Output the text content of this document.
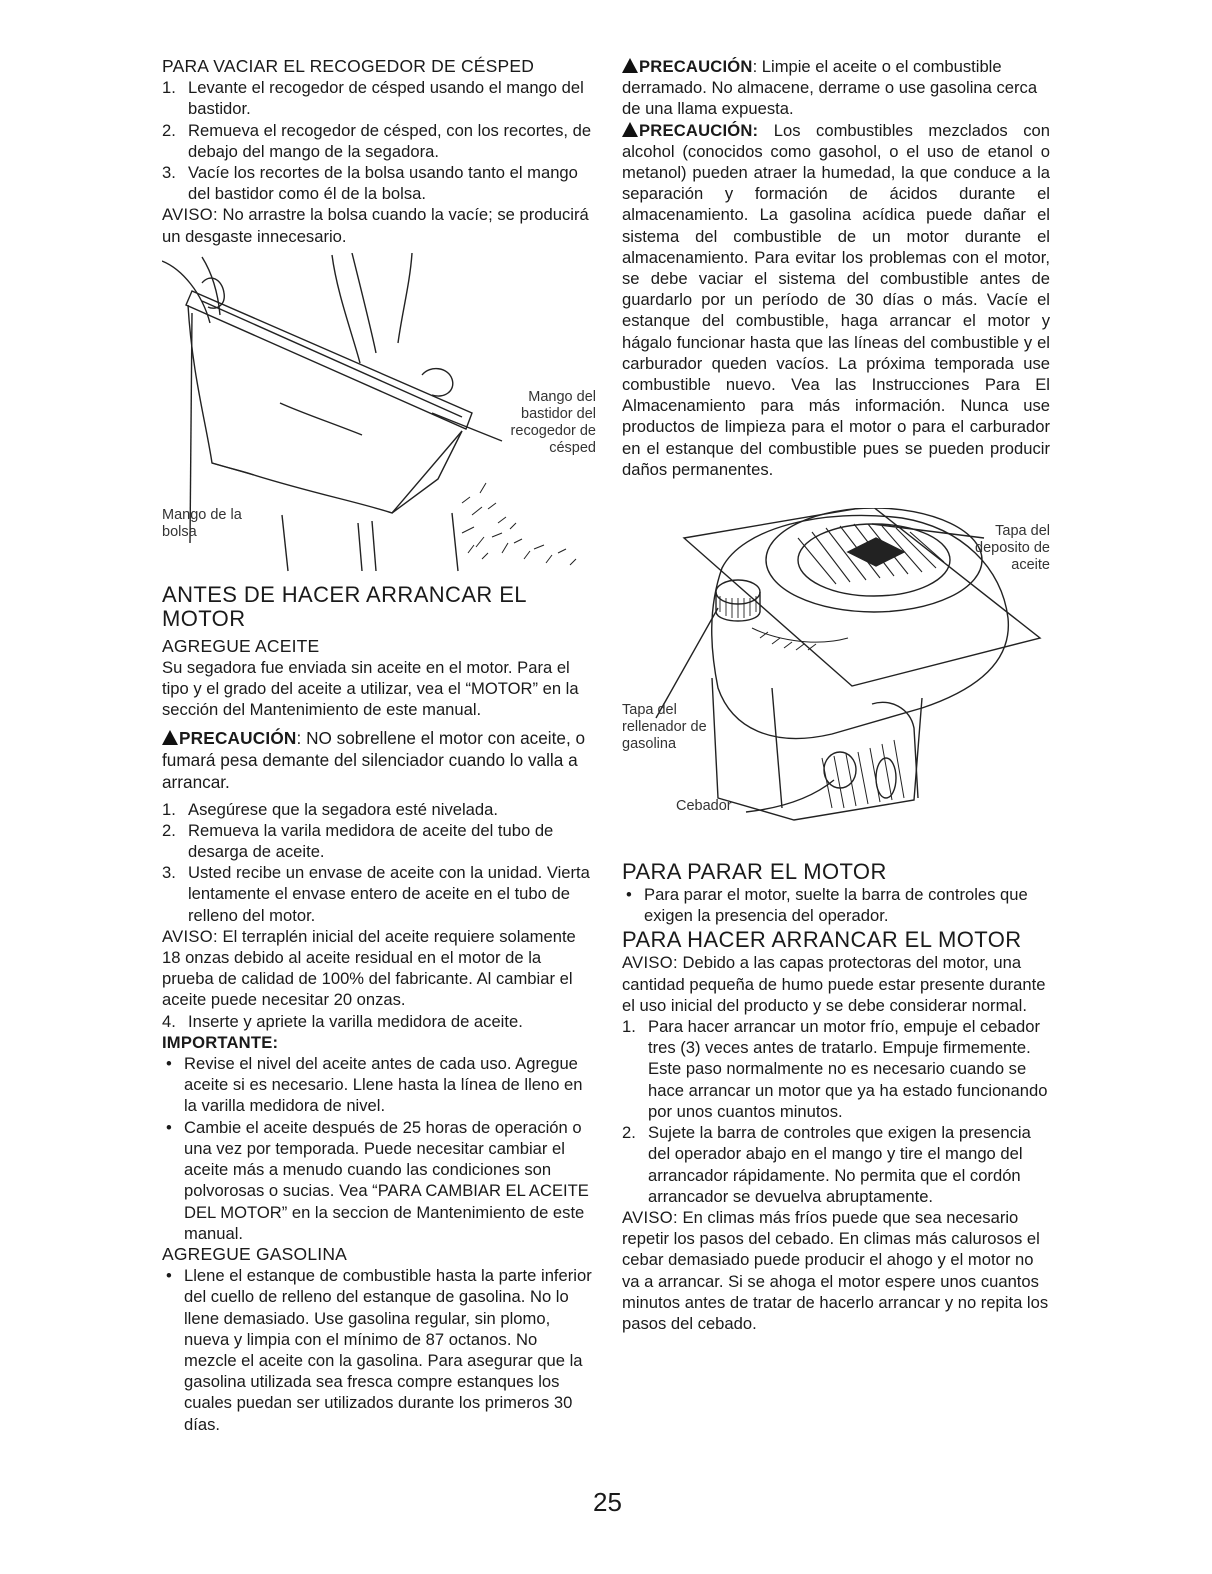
PARA VACIAR EL RECOGEDOR DE CÉSPED
1. Levante el recogedor de césped usando el mango del bastidor.
2. Remueva el recogedor de césped, con los recortes, de debajo del mango de la segadora.
3. Vacíe los recortes de la bolsa usando tanto el mango del bastidor como él de la bolsa.

AVISO: No arrastre la bolsa cuando la vacíe; se producirá un desgaste innecesario.

Mango del bastidor del recogedor de césped
Mango de la bolsa
ANTES DE HACER ARRANCAR EL MOTOR
AGREGUE ACEITE

Su segadora fue enviada sin aceite en el motor. Para el tipo y el grado del aceite a utilizar, vea el “MOTOR” en la sección del Mantenimiento de este manual.

PRECAUCIÓN: NO sobrellene el motor con aceite, o fumará pesa demante del silenciador cuando lo valla a arrancar.

1. Asegúrese que la segadora esté nivelada.
2. Remueva la varila medidora de aceite del tubo de desarga de aceite.
3. Usted recibe un envase de aceite con la unidad. Vierta lentamente el envase entero de aceite en el tubo de relleno del motor.

AVISO: El terraplén inicial del aceite requiere solamente 18 onzas debido al aceite residual en el motor de la prueba de calidad de 100% del fabricante. Al cambiar el aceite puede necesitar 20 onzas.

4. Inserte y apriete la varilla medidora de aceite.

IMPORTANTE:

• Revise el nivel del aceite antes de cada uso. Agregue aceite si es necesario. Llene hasta la línea de lleno en la varilla medidora de nivel.
• Cambie el aceite después de 25 horas de operación o una vez por temporada. Puede necesitar cambiar el aceite más a menudo cuando las condiciones son polvorosas o sucias. Vea “PARA CAMBIAR EL ACEITE DEL MOTOR” en la seccion de Mantenimiento de este manual.
AGREGUE GASOLINA
• Llene el estanque de combustible hasta la parte inferior del cuello de relleno del estanque de gasolina. No lo llene demasiado. Use gasolina regular, sin plomo, nueva y limpia con el mínimo de 87 octanos. No mezcle el aceite con la gasolina. Para asegurar que la gasolina utilizada sea fresca compre estanques los cuales puedan ser utilizados durante los primeros 30 días.

PRECAUCIÓN: Limpie el aceite o el combustible derramado. No almacene, derrame o use gasolina cerca de una llama expuesta.

PRECAUCIÓN: Los combustibles mezclados con alcohol (conocidos como gasohol, o el uso de etanol o metanol) pueden atraer la humedad, la que conduce a la separación y formación de ácidos durante el almacenamiento. La gasolina acídica puede dañar el sistema del combustible de un motor durante el almacenamiento. Para evitar los problemas con el motor, se debe vaciar el sistema del combustible antes de guardarlo por un período de 30 días o más. Vacíe el estanque del combustible, haga arrancar el motor y hágalo funcionar hasta que las líneas del combustible y el carburador queden vacíos. La próxima temporada use combustible nuevo. Vea las Instrucciones Para El Almacenamiento para más información. Nunca use productos de limpieza para el motor o para el carburador en el estanque del combustible pues se pueden producir daños permanentes.

Tapa del deposito de aceite
Tapa del rellenador de gasolina
Cebador
PARA PARAR EL MOTOR
• Para parar el motor, suelte la barra de controles que exigen la presencia del operador.
PARA HACER ARRANCAR EL MOTOR

AVISO: Debido a las capas protectoras del motor, una cantidad pequeña de humo puede estar presente durante el uso inicial del producto y se debe considerar normal.

1. Para hacer arrancar un motor frío, empuje el cebador tres (3) veces antes de tratarlo. Empuje firmemente. Este paso normalmente no es necesario cuando se hace arrancar un motor que ya ha estado funcionando por unos cuantos minutos.
2. Sujete la barra de controles que exigen la presencia del operador abajo en el mango y tire el mango del arrancador rápidamente. No permita que el cordón arrancador se devuelva abruptamente.

AVISO: En climas más fríos puede que sea necesario repetir los pasos del cebado. En climas más calurosos el cebar demasiado puede producir el ahogo y el motor no va a arrancar. Si se ahoga el motor espere unos cuantos minutos antes de tratar de hacerlo arrancar y no repita los pasos del cebado.

25
